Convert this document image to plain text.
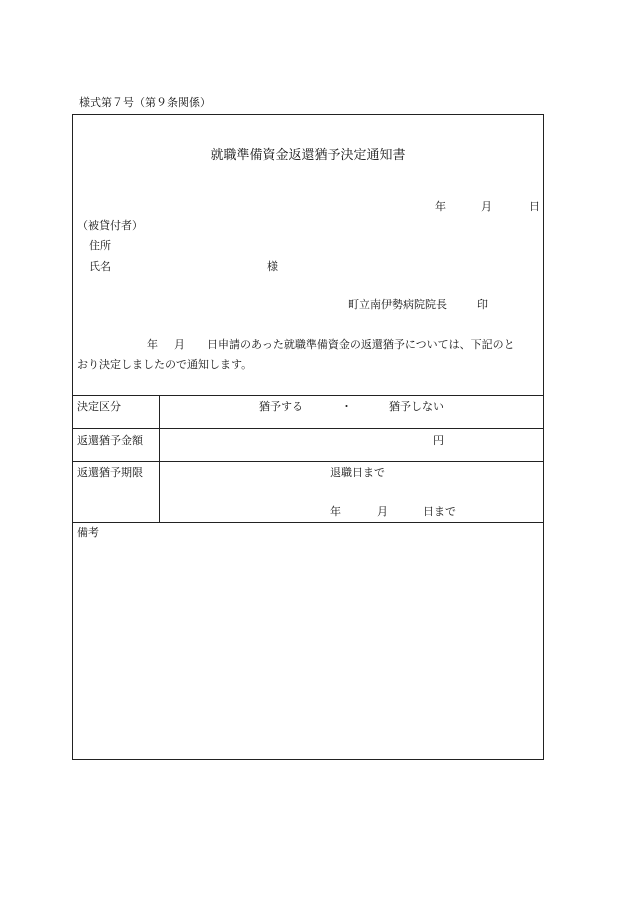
様式第７号（第９条関係）
就職準備資金返還猶予決定通知書
年	月	日
（被貸付者）
住所
氏名	様
町立南伊勢病院院長	印
年 月 日申請のあった就職準備資金の返還猶予については、下記のと
おり決定しましたので通知します。
決定区分	猶予する	・	猶予しない
返還猶予金額	円
返還猶予期限	退職日まで
年	月	日まで
備考
